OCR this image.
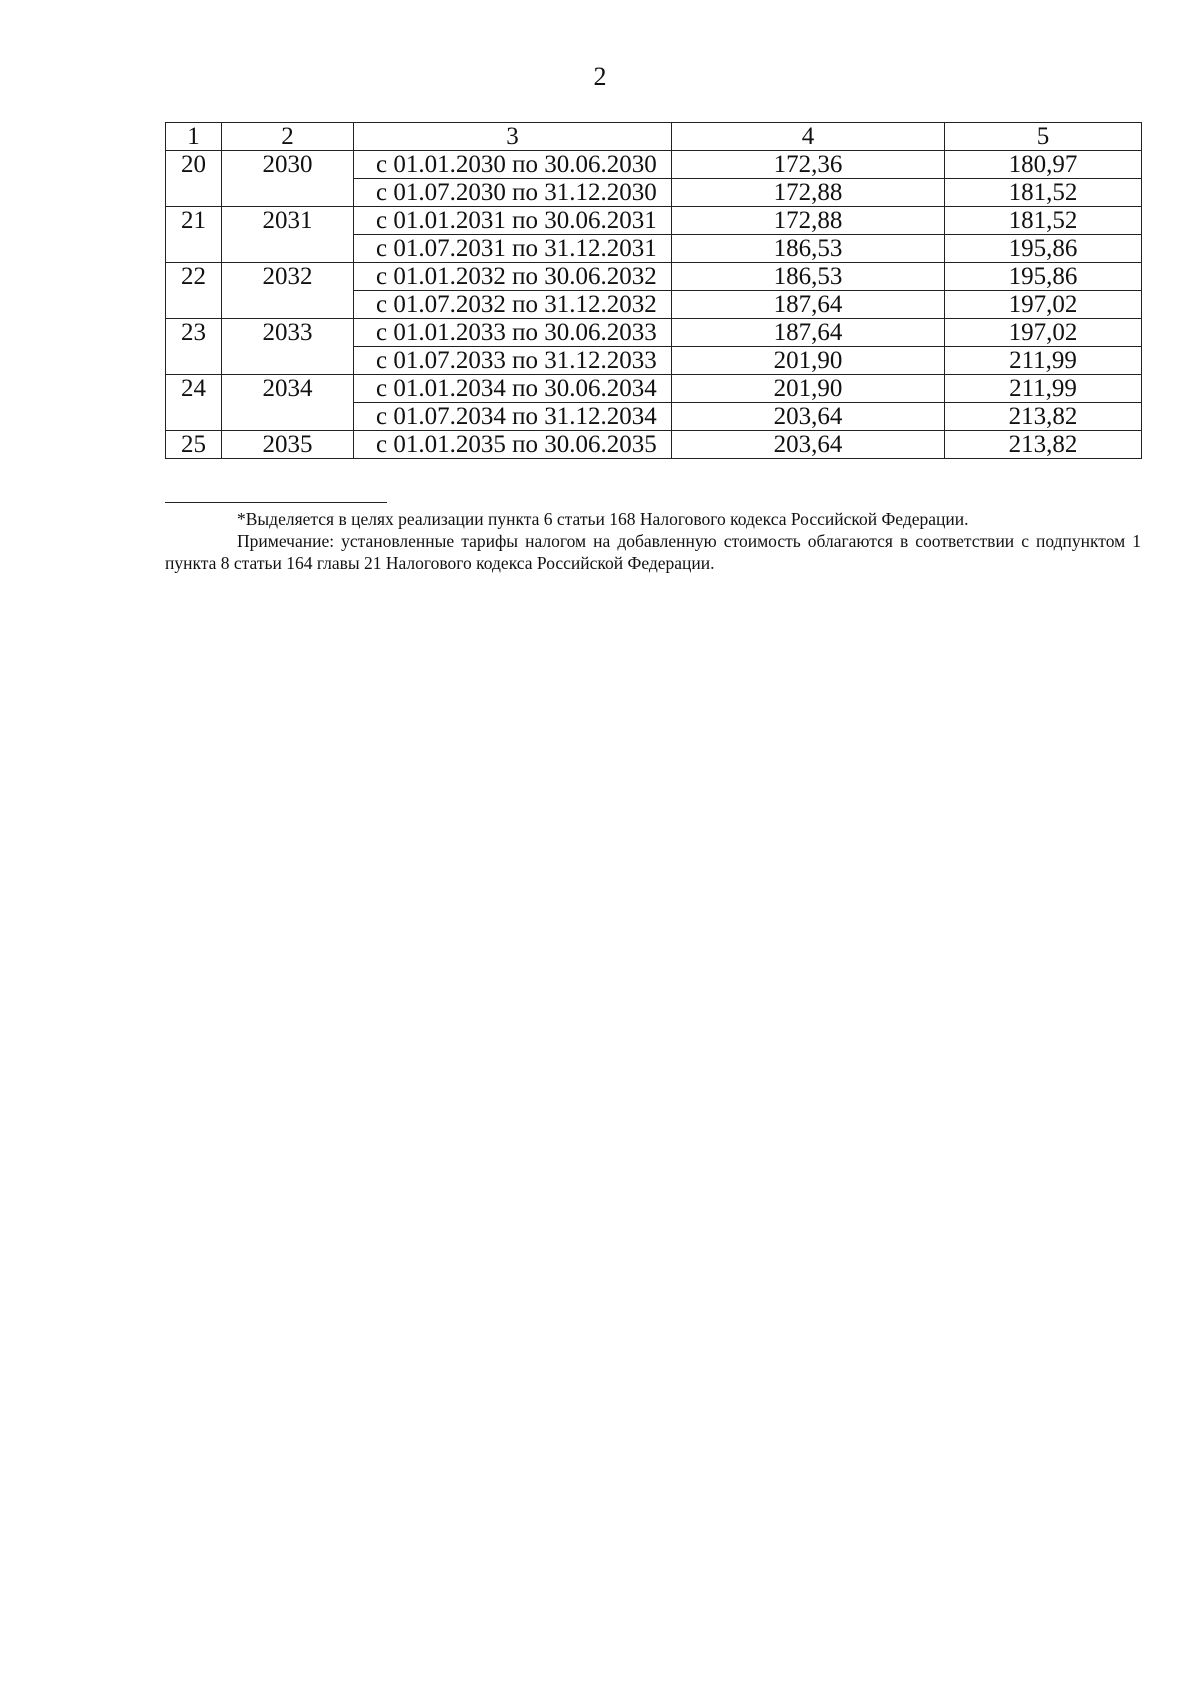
2
1	2	3	4	5
20	2030	с 01.01.2030 по 30.06.2030	172,36	180,97
		с 01.07.2030 по 31.12.2030	172,88	181,52
21	2031	с 01.01.2031 по 30.06.2031	172,88	181,52
		с 01.07.2031 по 31.12.2031	186,53	195,86
22	2032	с 01.01.2032 по 30.06.2032	186,53	195,86
		с 01.07.2032 по 31.12.2032	187,64	197,02
23	2033	с 01.01.2033 по 30.06.2033	187,64	197,02
		с 01.07.2033 по 31.12.2033	201,90	211,99
24	2034	с 01.01.2034 по 30.06.2034	201,90	211,99
		с 01.07.2034 по 31.12.2034	203,64	213,82
25	2035	с 01.01.2035 по 30.06.2035	203,64	213,82

*Выделяется в целях реализации пункта 6 статьи 168 Налогового кодекса Российской Федерации.

Примечание: установленные тарифы налогом на добавленную стоимость облагаются в соответствии с подпунктом 1 пункта 8 статьи 164 главы 21 Налогового кодекса Российской Федерации.
